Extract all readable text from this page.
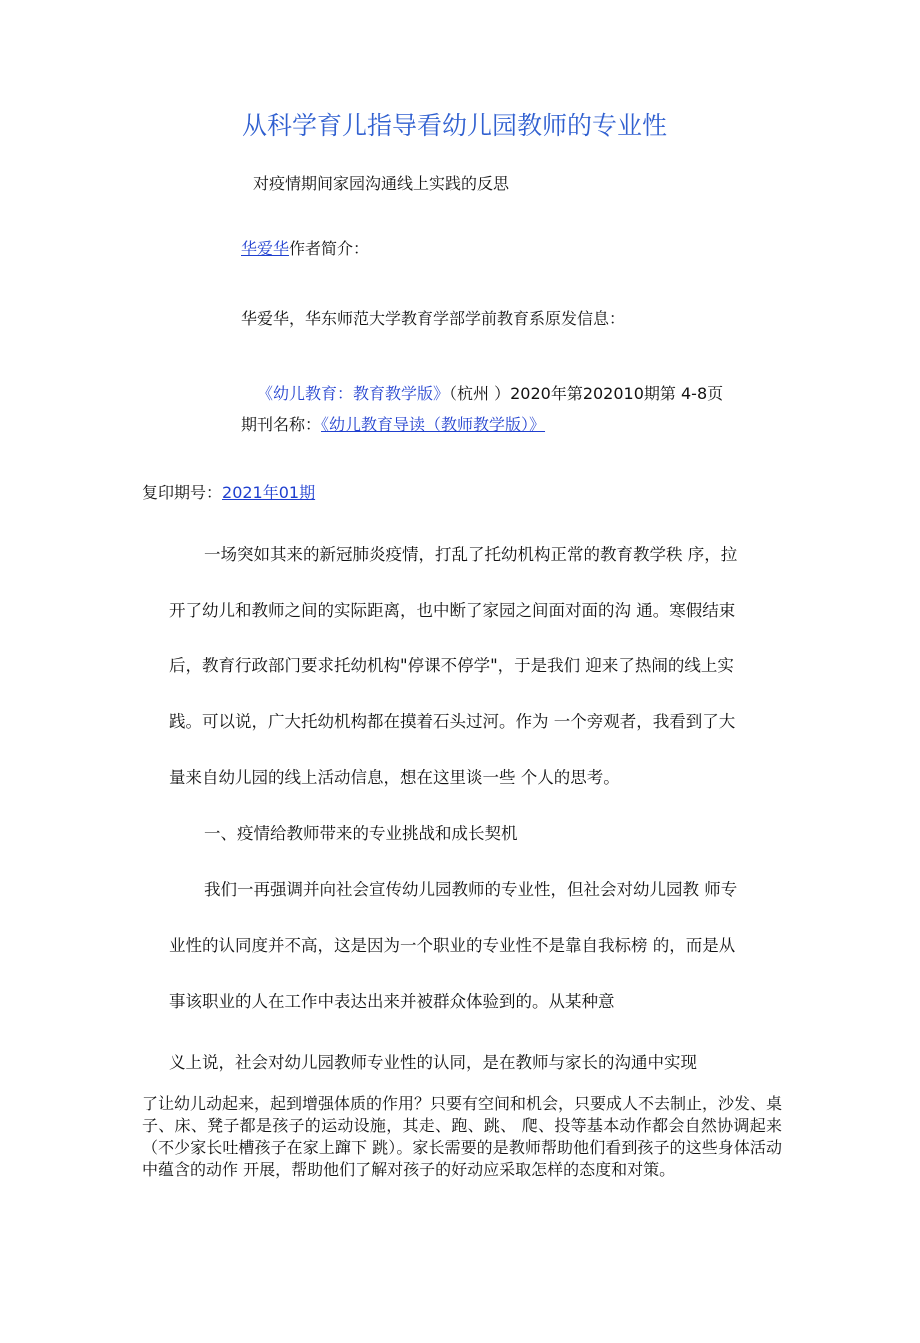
从科学育儿指导看幼儿园教师的专业性
对疫情期间家园沟通线上实践的反思
华爱华作者简介：
华爱华，华东师范大学教育学部学前教育系原发信息：
《幼儿教育：教育教学版》（杭州 ）2020年第202010期第 4-8页
期刊名称：《幼儿教育导读（教师教学版）》
复印期号：2021年01期
一场突如其来的新冠肺炎疫情，打乱了托幼机构正常的教育教学秩 序，拉
开了幼儿和教师之间的实际距离，也中断了家园之间面对面的沟 通。寒假结束
后，教育行政部门要求托幼机构"停课不停学"，于是我们 迎来了热闹的线上实
践。可以说，广大托幼机构都在摸着石头过河。作为 一个旁观者，我看到了大
量来自幼儿园的线上活动信息，想在这里谈一些 个人的思考。
一、疫情给教师带来的专业挑战和成长契机
我们一再强调并向社会宣传幼儿园教师的专业性，但社会对幼儿园教 师专
业性的认同度并不高，这是因为一个职业的专业性不是靠自我标榜 的，而是从
事该职业的人在工作中表达出来并被群众体验到的。从某种意
义上说，社会对幼儿园教师专业性的认同，是在教师与家长的沟通中实现
了让幼儿动起来，起到增强体质的作用？只要有空间和机会，只要成人不去制止，沙发、桌子、床、凳子都是孩子的运动设施，其走、跑、跳、 爬、投等基本动作都会自然协调起来（不少家长吐槽孩子在家上蹿下 跳）。家长需要的是教师帮助他们看到孩子的这些身体活动中蕴含的动作 开展，帮助他们了解对孩子的好动应采取怎样的态度和对策。
